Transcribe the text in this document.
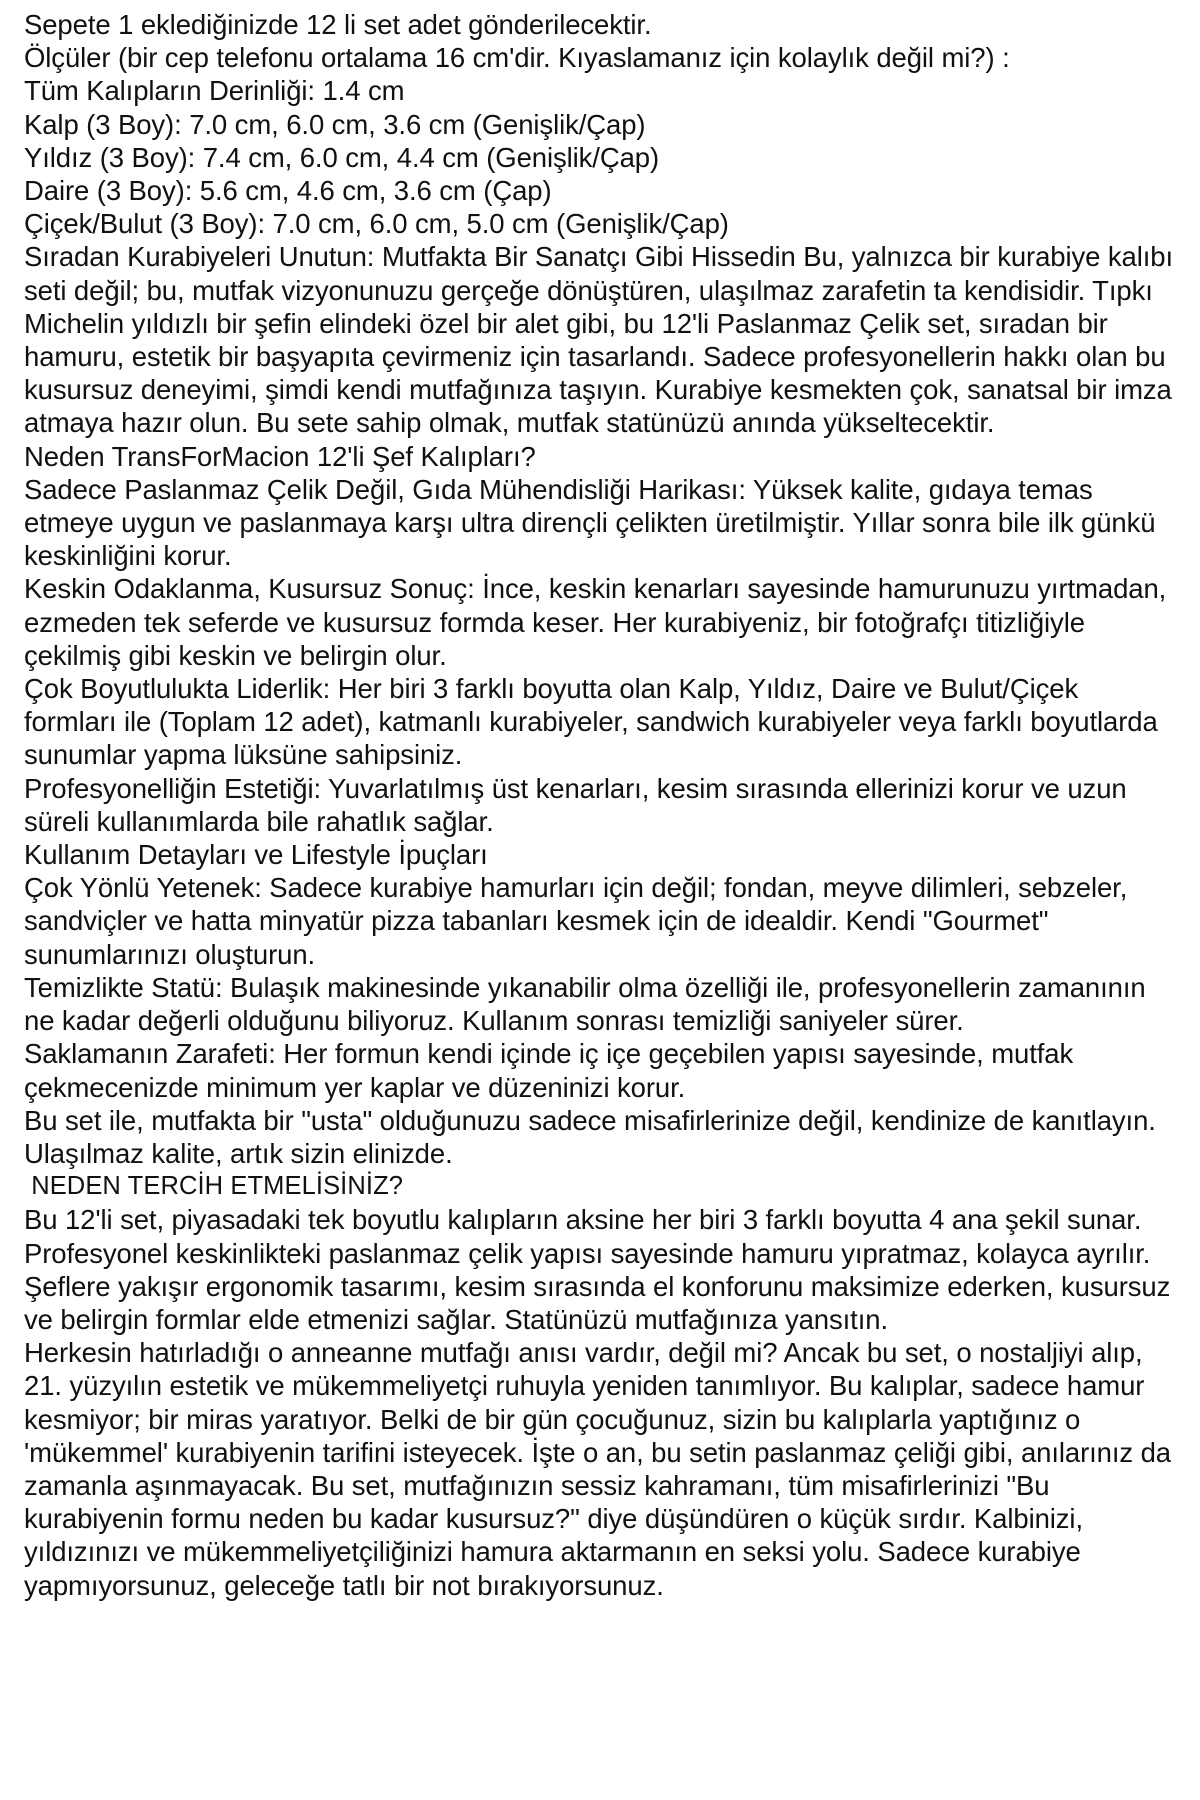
Sepete 1 eklediğinizde 12 li set adet gönderilecektir.

Ölçüler (bir cep telefonu ortalama 16 cm'dir. Kıyaslamanız için kolaylık değil mi?) :

Tüm Kalıpların Derinliği: 1.4 cm

Kalp (3 Boy): 7.0 cm, 6.0 cm, 3.6 cm (Genişlik/Çap)

Yıldız (3 Boy): 7.4 cm, 6.0 cm, 4.4 cm (Genişlik/Çap)

Daire (3 Boy): 5.6 cm, 4.6 cm, 3.6 cm (Çap)

Çiçek/Bulut (3 Boy): 7.0 cm, 6.0 cm, 5.0 cm (Genişlik/Çap)

Sıradan Kurabiyeleri Unutun: Mutfakta Bir Sanatçı Gibi Hissedin Bu, yalnızca bir kurabiye kalıbı seti değil; bu, mutfak vizyonunuzu gerçeğe dönüştüren, ulaşılmaz zarafetin ta kendisidir. Tıpkı Michelin yıldızlı bir şefin elindeki özel bir alet gibi, bu 12'li Paslanmaz Çelik set, sıradan bir hamuru, estetik bir başyapıta çevirmeniz için tasarlandı. Sadece profesyonellerin hakkı olan bu kusursuz deneyimi, şimdi kendi mutfağınıza taşıyın. Kurabiye kesmekten çok, sanatsal bir imza atmaya hazır olun. Bu sete sahip olmak, mutfak statünüzü anında yükseltecektir.

Neden TransForMacion 12'li Şef Kalıpları?

Sadece Paslanmaz Çelik Değil, Gıda Mühendisliği Harikası: Yüksek kalite, gıdaya temas etmeye uygun ve paslanmaya karşı ultra dirençli çelikten üretilmiştir. Yıllar sonra bile ilk günkü keskinliğini korur.

Keskin Odaklanma, Kusursuz Sonuç: İnce, keskin kenarları sayesinde hamurunuzu yırtmadan, ezmeden tek seferde ve kusursuz formda keser. Her kurabiyeniz, bir fotoğrafçı titizliğiyle çekilmiş gibi keskin ve belirgin olur.

Çok Boyutlulukta Liderlik: Her biri 3 farklı boyutta olan Kalp, Yıldız, Daire ve Bulut/Çiçek formları ile (Toplam 12 adet), katmanlı kurabiyeler, sandwich kurabiyeler veya farklı boyutlarda sunumlar yapma lüksüne sahipsiniz.

Profesyonelliğin Estetiği: Yuvarlatılmış üst kenarları, kesim sırasında ellerinizi korur ve uzun süreli kullanımlarda bile rahatlık sağlar.

Kullanım Detayları ve Lifestyle İpuçları

Çok Yönlü Yetenek: Sadece kurabiye hamurları için değil; fondan, meyve dilimleri, sebzeler, sandviçler ve hatta minyatür pizza tabanları kesmek için de idealdir. Kendi "Gourmet" sunumlarınızı oluşturun.

Temizlikte Statü: Bulaşık makinesinde yıkanabilir olma özelliği ile, profesyonellerin zamanının ne kadar değerli olduğunu biliyoruz. Kullanım sonrası temizliği saniyeler sürer.

Saklamanın Zarafeti: Her formun kendi içinde iç içe geçebilen yapısı sayesinde, mutfak çekmecenizde minimum yer kaplar ve düzeninizi korur.

Bu set ile, mutfakta bir "usta" olduğunuzu sadece misafirlerinize değil, kendinize de kanıtlayın. Ulaşılmaz kalite, artık sizin elinizde.

NEDEN TERCİH ETMELİSİNİZ?

Bu 12'li set, piyasadaki tek boyutlu kalıpların aksine her biri 3 farklı boyutta 4 ana şekil sunar. Profesyonel keskinlikteki paslanmaz çelik yapısı sayesinde hamuru yıpratmaz, kolayca ayrılır. Şeflere yakışır ergonomik tasarımı, kesim sırasında el konforunu maksimize ederken, kusursuz ve belirgin formlar elde etmenizi sağlar. Statünüzü mutfağınıza yansıtın.

Herkesin hatırladığı o anneanne mutfağı anısı vardır, değil mi? Ancak bu set, o nostaljiyi alıp, 21. yüzyılın estetik ve mükemmeliyetçi ruhuyla yeniden tanımlıyor. Bu kalıplar, sadece hamur kesmiyor; bir miras yaratıyor. Belki de bir gün çocuğunuz, sizin bu kalıplarla yaptığınız o 'mükemmel' kurabiyenin tarifini isteyecek. İşte o an, bu setin paslanmaz çeliği gibi, anılarınız da zamanla aşınmayacak. Bu set, mutfağınızın sessiz kahramanı, tüm misafirlerinizi "Bu kurabiyenin formu neden bu kadar kusursuz?" diye düşündüren o küçük sırdır. Kalbinizi, yıldızınızı ve mükemmeliyetçiliğinizi hamura aktarmanın en seksi yolu. Sadece kurabiye yapmıyorsunuz, geleceğe tatlı bir not bırakıyorsunuz.
